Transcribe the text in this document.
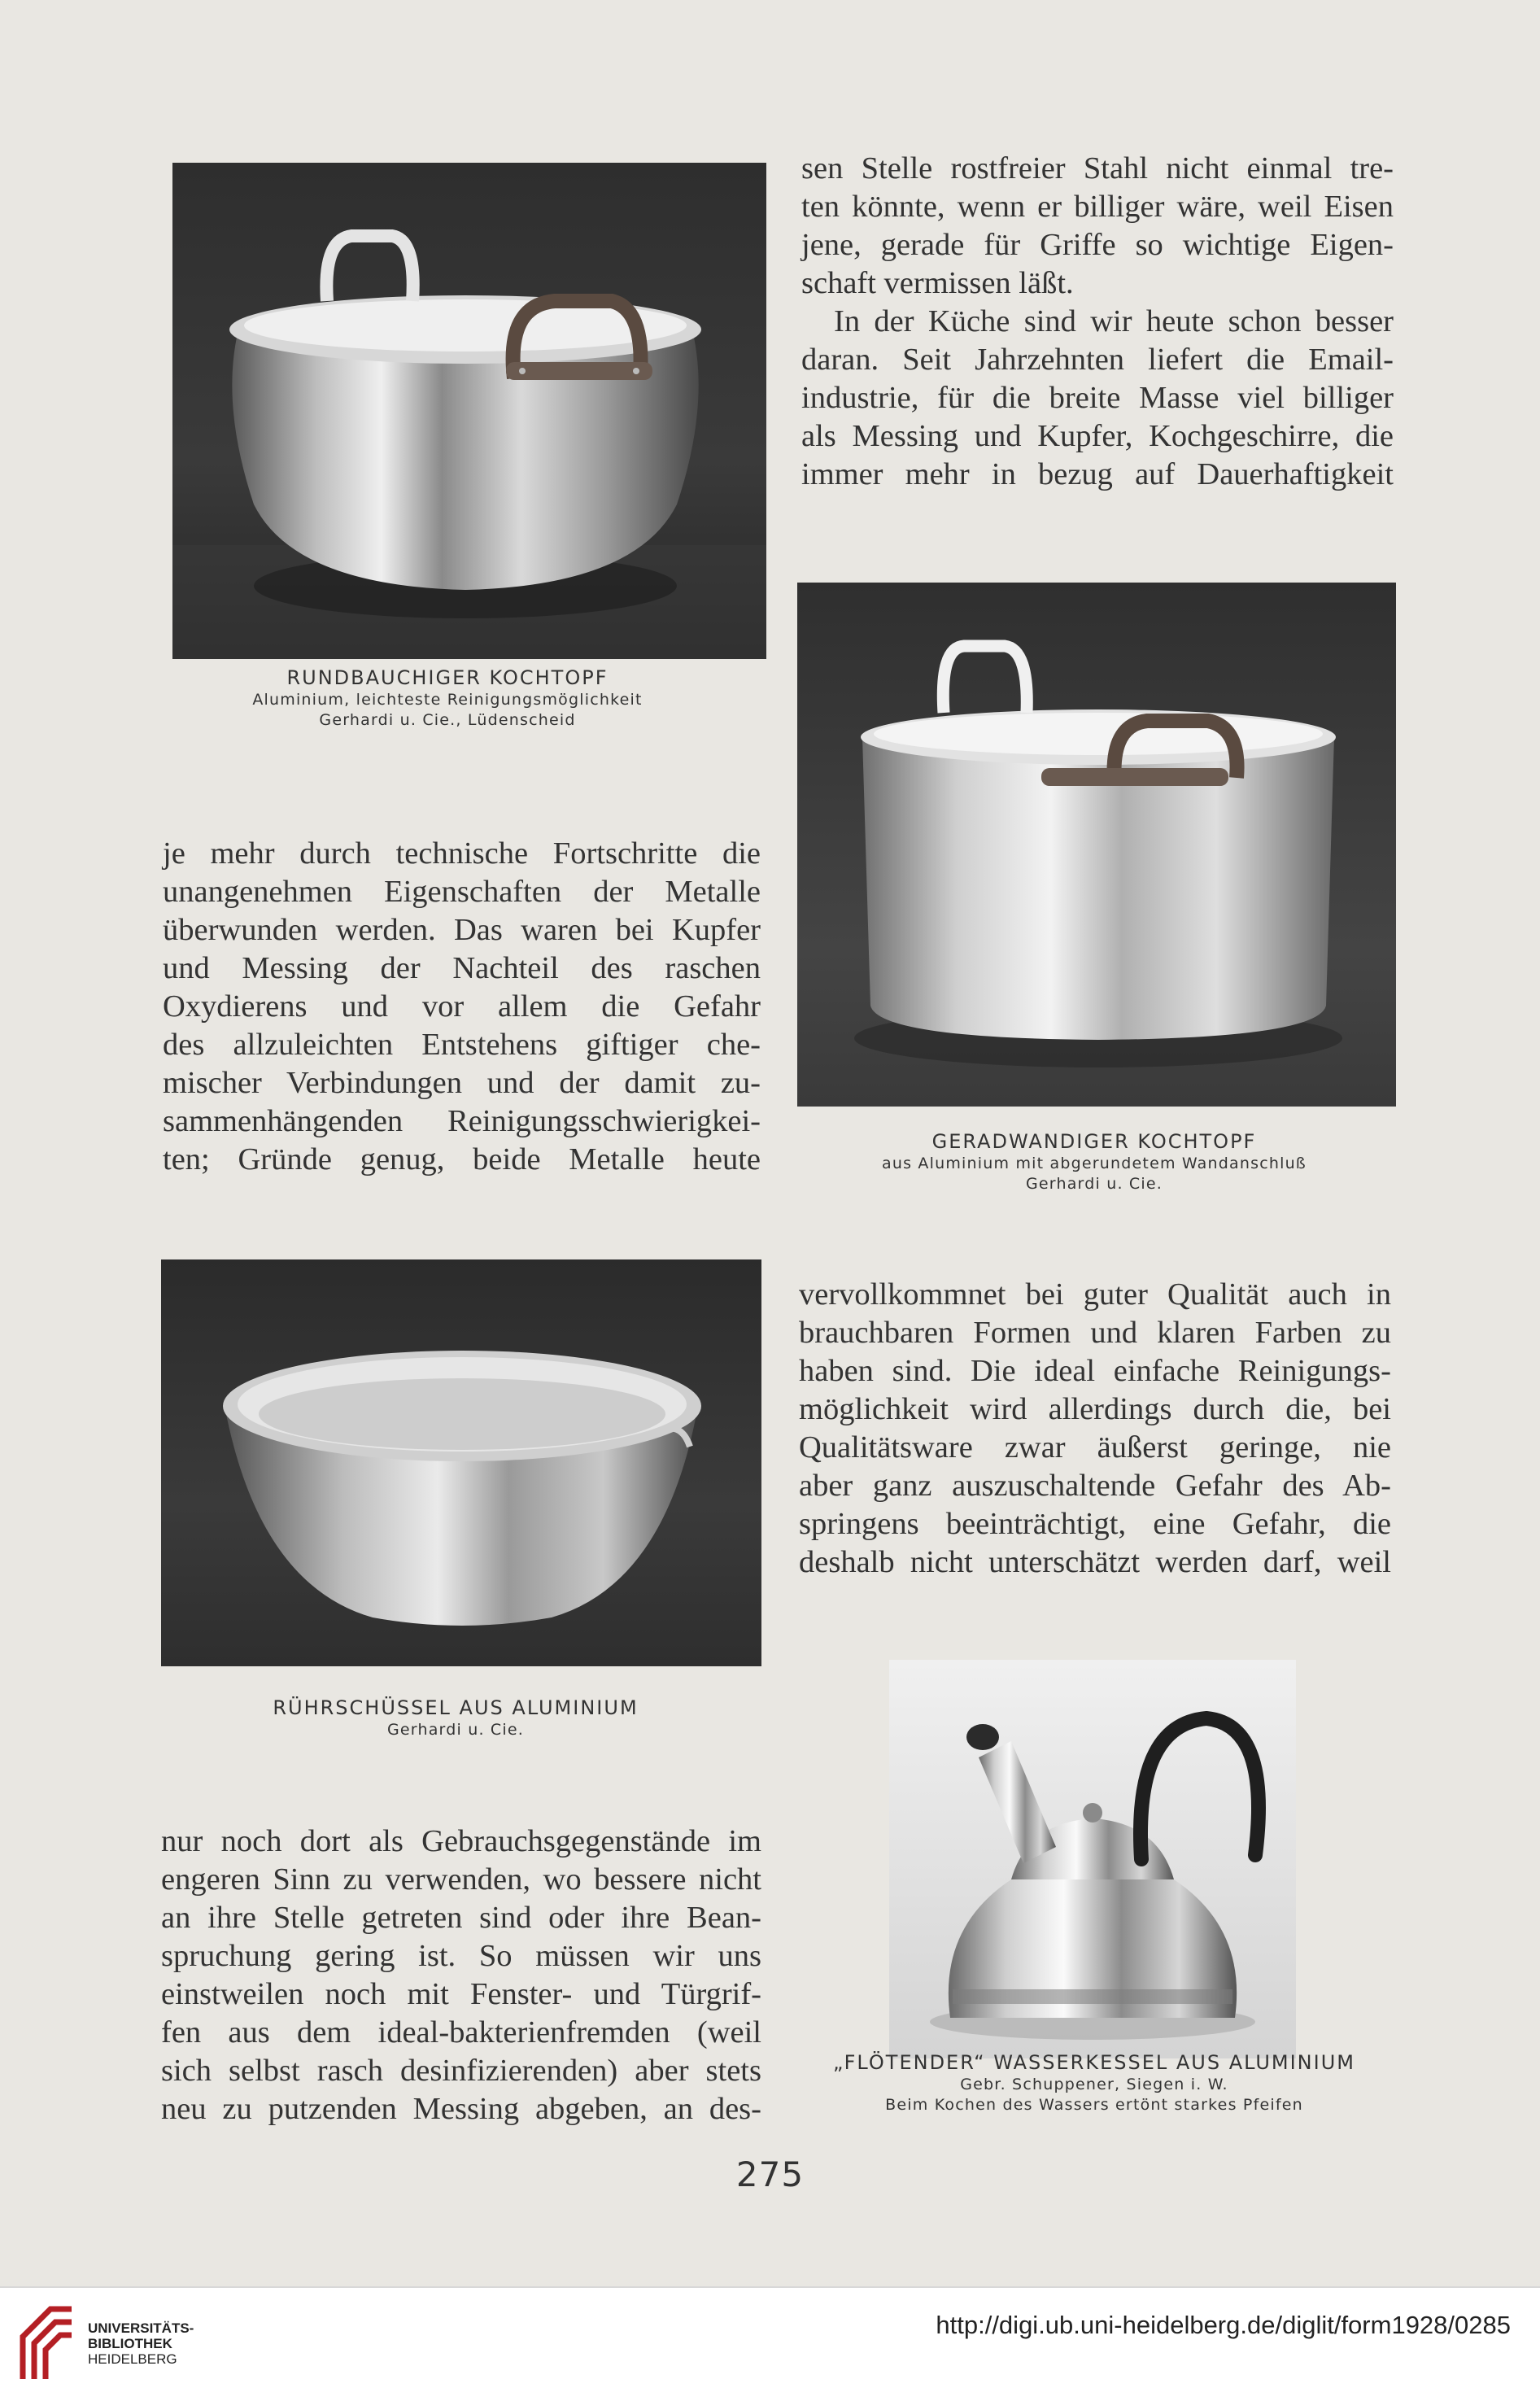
RUNDBAUCHIGER KOCHTOPF
Aluminium, leichteste Reinigungsmöglichkeit
Gerhardi u. Cie., Lüdenscheid
GERADWANDIGER KOCHTOPF
aus Aluminium mit abgerundetem Wandanschluß
Gerhardi u. Cie.
RÜHRSCHÜSSEL AUS ALUMINIUM
Gerhardi u. Cie.
„FLÖTENDER“ WASSERKESSEL AUS ALUMINIUM
Gebr. Schuppener, Siegen i. W.
Beim Kochen des Wassers ertönt starkes Pfeifen
sen Stelle rostfreier Stahl nicht einmal tre-
ten könnte, wenn er billiger wäre, weil Eisen
jene, gerade für Griffe so wichtige Eigen-
schaft vermissen läßt.
In der Küche sind wir heute schon besser
daran. Seit Jahrzehnten liefert die Email-
industrie, für die breite Masse viel billiger
als Messing und Kupfer, Kochgeschirre, die
immer mehr in bezug auf Dauerhaftigkeit
je mehr durch technische Fortschritte die
unangenehmen Eigenschaften der Metalle
überwunden werden. Das waren bei Kupfer
und Messing der Nachteil des raschen
Oxydierens und vor allem die Gefahr
des allzuleichten Entstehens giftiger che-
mischer Verbindungen und der damit zu-
sammenhängenden Reinigungsschwierigkei-
ten; Gründe genug, beide Metalle heute
vervollkommnet bei guter Qualität auch in
brauchbaren Formen und klaren Farben zu
haben sind. Die ideal einfache Reinigungs-
möglichkeit wird allerdings durch die, bei
Qualitätsware zwar äußerst geringe, nie
aber ganz auszuschaltende Gefahr des Ab-
springens beeinträchtigt, eine Gefahr, die
deshalb nicht unterschätzt werden darf, weil
nur noch dort als Gebrauchsgegenstände im
engeren Sinn zu verwenden, wo bessere nicht
an ihre Stelle getreten sind oder ihre Bean-
spruchung gering ist. So müssen wir uns
einstweilen noch mit Fenster- und Türgrif-
fen aus dem ideal-bakterienfremden (weil
sich selbst rasch desinfizierenden) aber stets
neu zu putzenden Messing abgeben, an des-
275
UNIVERSITÄTS-
BIBLIOTHEK
HEIDELBERG
http://digi.ub.uni-heidelberg.de/diglit/form1928/0285
